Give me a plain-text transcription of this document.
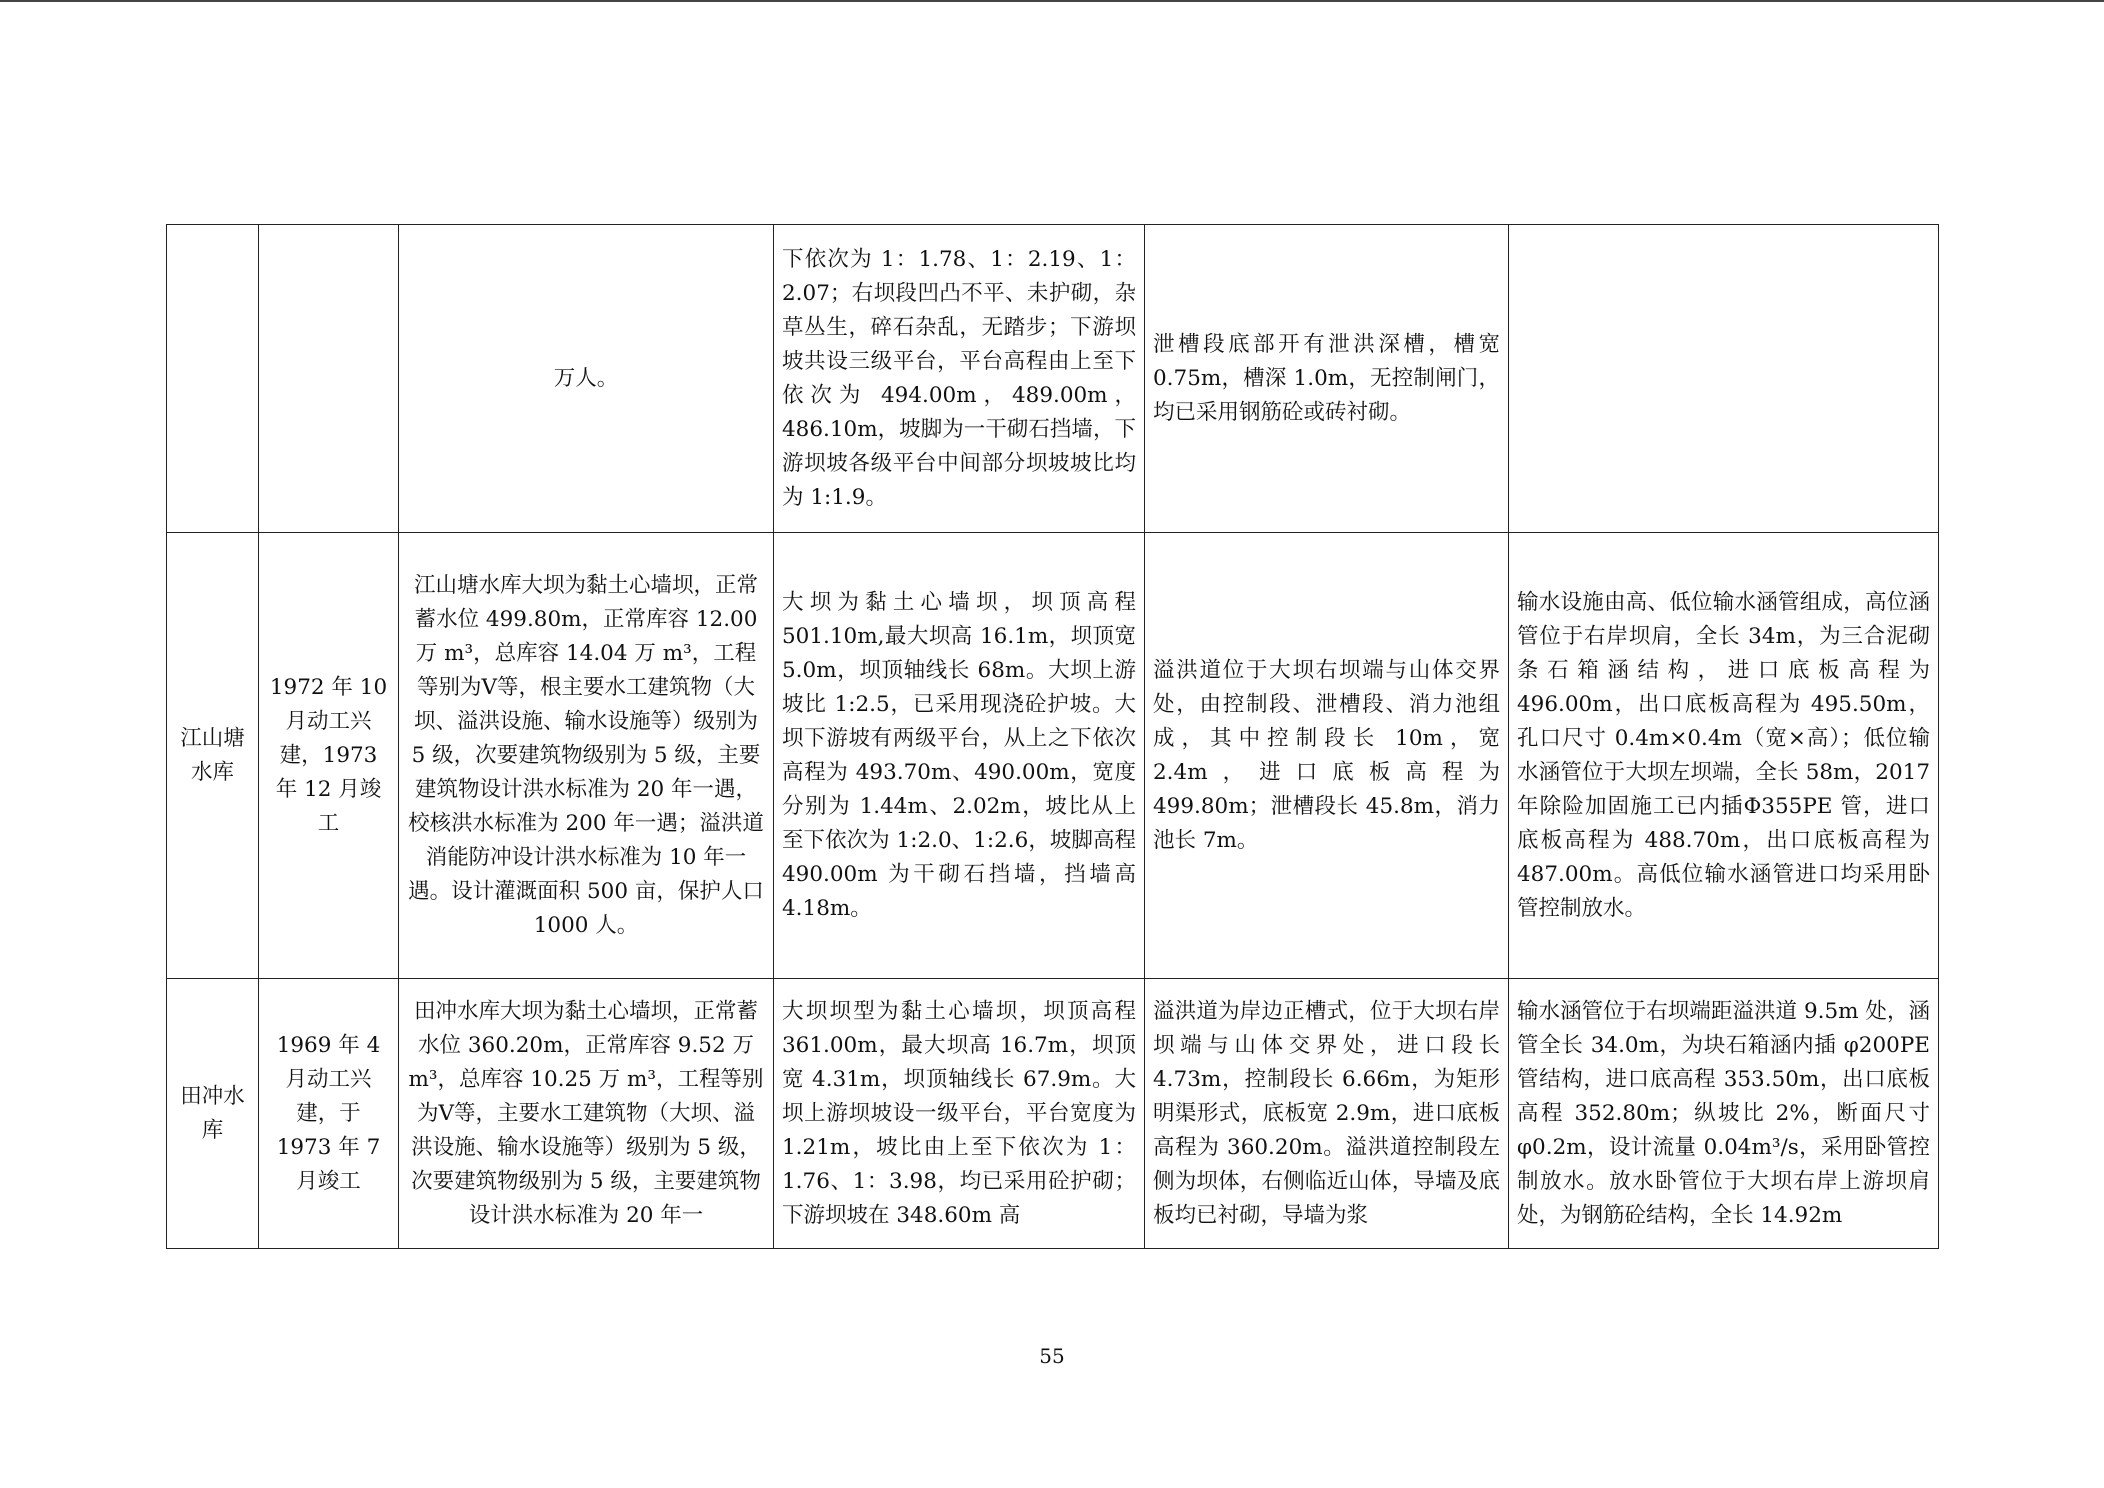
		万人。	下依次为 1：1.78、1：2.19、1：2.07；右坝段凹凸不平、未护砌，杂草丛生，碎石杂乱，无踏步；下游坝坡共设三级平台，平台高程由上至下依次为 494.00m，489.00m，486.10m，坡脚为一干砌石挡墙，下游坝坡各级平台中间部分坝坡坡比均为 1:1.9。	泄槽段底部开有泄洪深槽，槽宽 0.75m，槽深 1.0m，无控制闸门，均已采用钢筋砼或砖衬砌。	
江山塘水库	1972 年 10 月动工兴建，1973 年 12 月竣工	江山塘水库大坝为黏土心墙坝，正常蓄水位 499.80m，正常库容 12.00 万 m³，总库容 14.04 万 m³，工程等别为Ⅴ等，根主要水工建筑物（大坝、溢洪设施、输水设施等）级别为 5 级，次要建筑物级别为 5 级，主要建筑物设计洪水标准为 20 年一遇，校核洪水标准为 200 年一遇；溢洪道消能防冲设计洪水标准为 10 年一遇。设计灌溉面积 500 亩，保护人口 1000 人。	大坝为黏土心墙坝，坝顶高程 501.10m,最大坝高 16.1m，坝顶宽 5.0m，坝顶轴线长 68m。大坝上游坡比 1:2.5，已采用现浇砼护坡。大坝下游坡有两级平台，从上之下依次高程为 493.70m、490.00m，宽度分别为 1.44m、2.02m，坡比从上至下依次为 1:2.0、1:2.6，坡脚高程 490.00m 为干砌石挡墙，挡墙高 4.18m。	溢洪道位于大坝右坝端与山体交界处，由控制段、泄槽段、消力池组成，其中控制段长 10m，宽 2.4m，进口底板高程为 499.80m；泄槽段长 45.8m，消力池长 7m。	输水设施由高、低位输水涵管组成，高位涵管位于右岸坝肩，全长 34m，为三合泥砌条石箱涵结构，进口底板高程为 496.00m，出口底板高程为 495.50m，孔口尺寸 0.4m×0.4m（宽×高）；低位输水涵管位于大坝左坝端，全长 58m，2017 年除险加固施工已内插Φ355PE 管，进口底板高程为 488.70m，出口底板高程为 487.00m。高低位输水涵管进口均采用卧管控制放水。
田冲水库	1969 年 4 月动工兴建，于 1973 年 7 月竣工	田冲水库大坝为黏土心墙坝，正常蓄水位 360.20m，正常库容 9.52 万 m³，总库容 10.25 万 m³，工程等别为Ⅴ等，主要水工建筑物（大坝、溢洪设施、输水设施等）级别为 5 级，次要建筑物级别为 5 级，主要建筑物设计洪水标准为 20 年一	大坝坝型为黏土心墙坝，坝顶高程 361.00m，最大坝高 16.7m，坝顶宽 4.31m，坝顶轴线长 67.9m。大坝上游坝坡设一级平台，平台宽度为 1.21m，坡比由上至下依次为 1：1.76、1：3.98，均已采用砼护砌；下游坝坡在 348.60m 高	溢洪道为岸边正槽式，位于大坝右岸坝端与山体交界处，进口段长 4.73m，控制段长 6.66m，为矩形明渠形式，底板宽 2.9m，进口底板高程为 360.20m。溢洪道控制段左侧为坝体，右侧临近山体，导墙及底板均已衬砌，导墙为浆	输水涵管位于右坝端距溢洪道 9.5m 处，涵管全长 34.0m，为块石箱涵内插 φ200PE 管结构，进口底高程 353.50m，出口底板高程 352.80m；纵坡比 2%，断面尺寸φ0.2m，设计流量 0.04m³/s，采用卧管控制放水。放水卧管位于大坝右岸上游坝肩处，为钢筋砼结构，全长 14.92m
55
